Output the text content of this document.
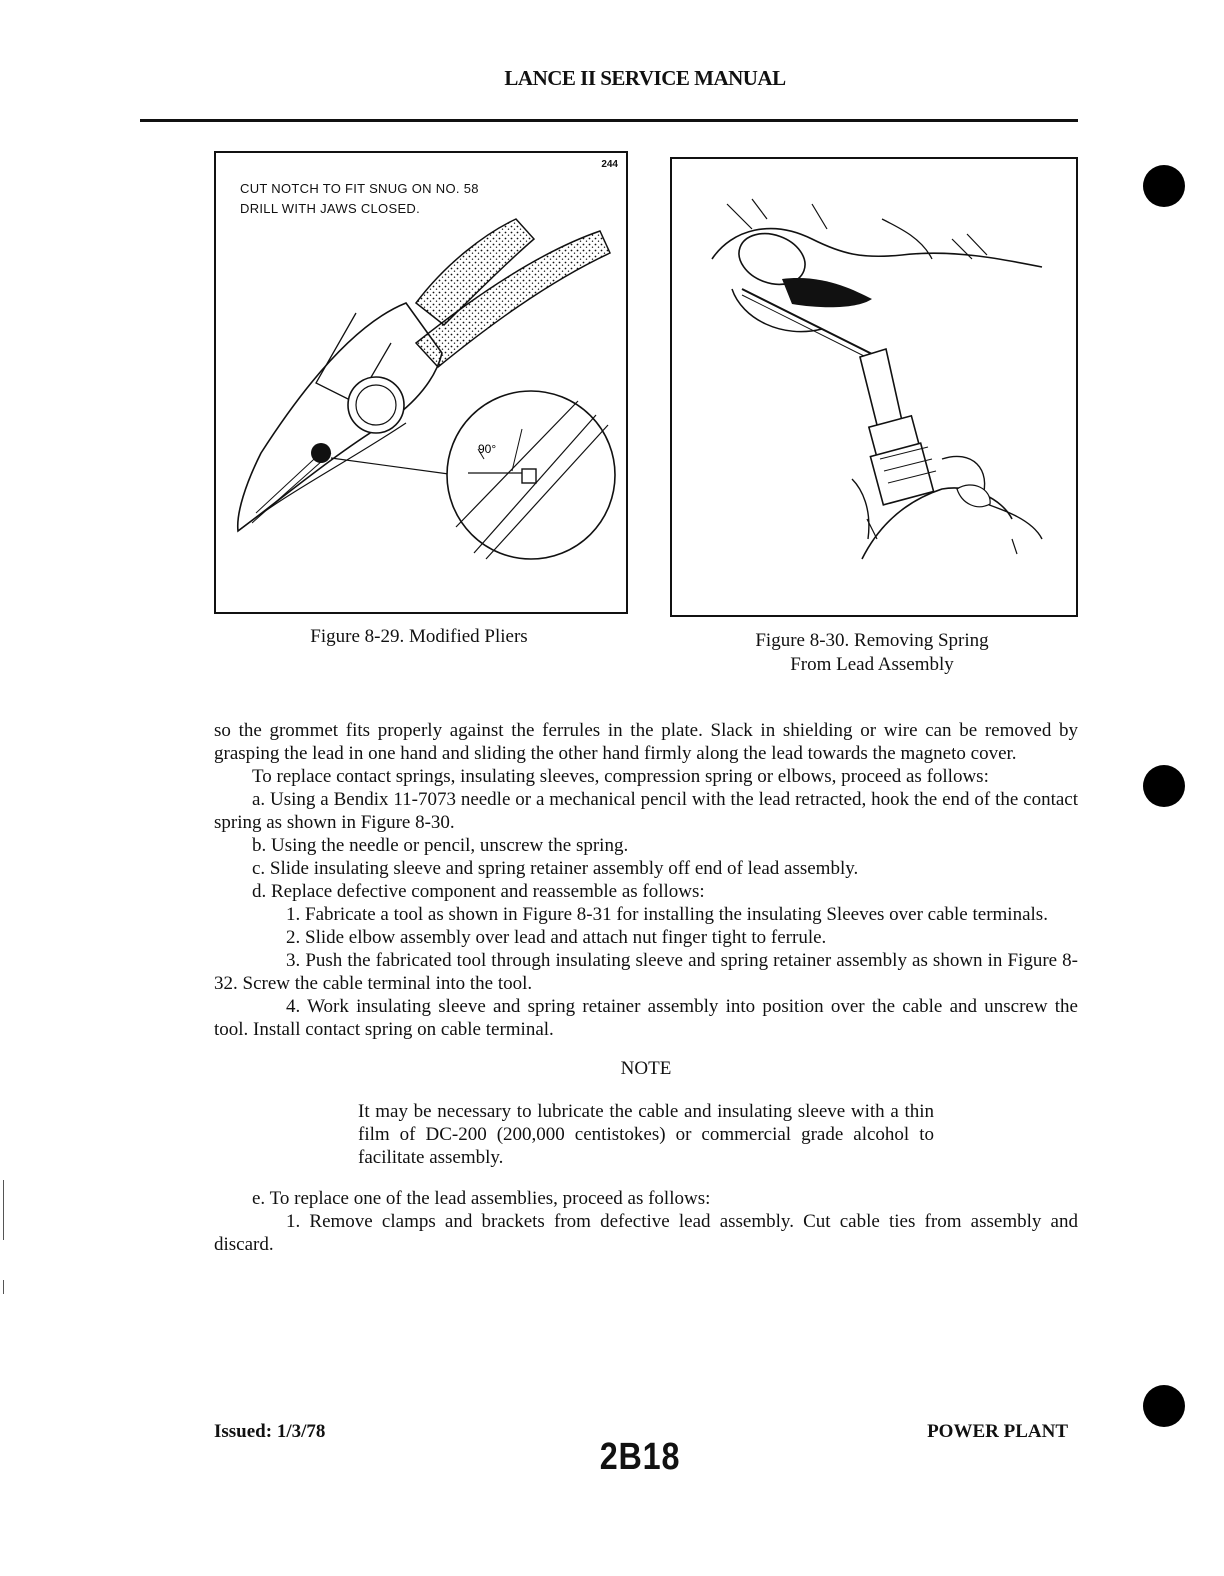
LANCE II SERVICE MANUAL
244
CUT NOTCH TO FIT SNUG ON NO. 58 DRILL WITH JAWS CLOSED.
90°
Figure 8-29. Modified Pliers	Figure 8-30. Removing Spring
From Lead Assembly

so the grommet fits properly against the ferrules in the plate. Slack in shielding or wire can be removed by grasping the lead in one hand and sliding the other hand firmly along the lead towards the magneto cover.

To replace contact springs, insulating sleeves, compression spring or elbows, proceed as follows:

a. Using a Bendix 11-7073 needle or a mechanical pencil with the lead retracted, hook the end of the contact spring as shown in Figure 8-30.

b. Using the needle or pencil, unscrew the spring.

c. Slide insulating sleeve and spring retainer assembly off end of lead assembly.

d. Replace defective component and reassemble as follows:

1. Fabricate a tool as shown in Figure 8-31 for installing the insulating Sleeves over cable terminals.

2. Slide elbow assembly over lead and attach nut finger tight to ferrule.

3. Push the fabricated tool through insulating sleeve and spring retainer assembly as shown in Figure 8-32. Screw the cable terminal into the tool.

4. Work insulating sleeve and spring retainer assembly into position over the cable and unscrew the tool. Install contact spring on cable terminal.

NOTE

It may be necessary to lubricate the cable and insulating sleeve with a thin film of DC-200 (200,000 centistokes) or commercial grade alcohol to facilitate assembly.

e. To replace one of the lead assemblies, proceed as follows:

1. Remove clamps and brackets from defective lead assembly. Cut cable ties from assembly and discard.

Issued: 1/3/78	POWER PLANT
2B18
